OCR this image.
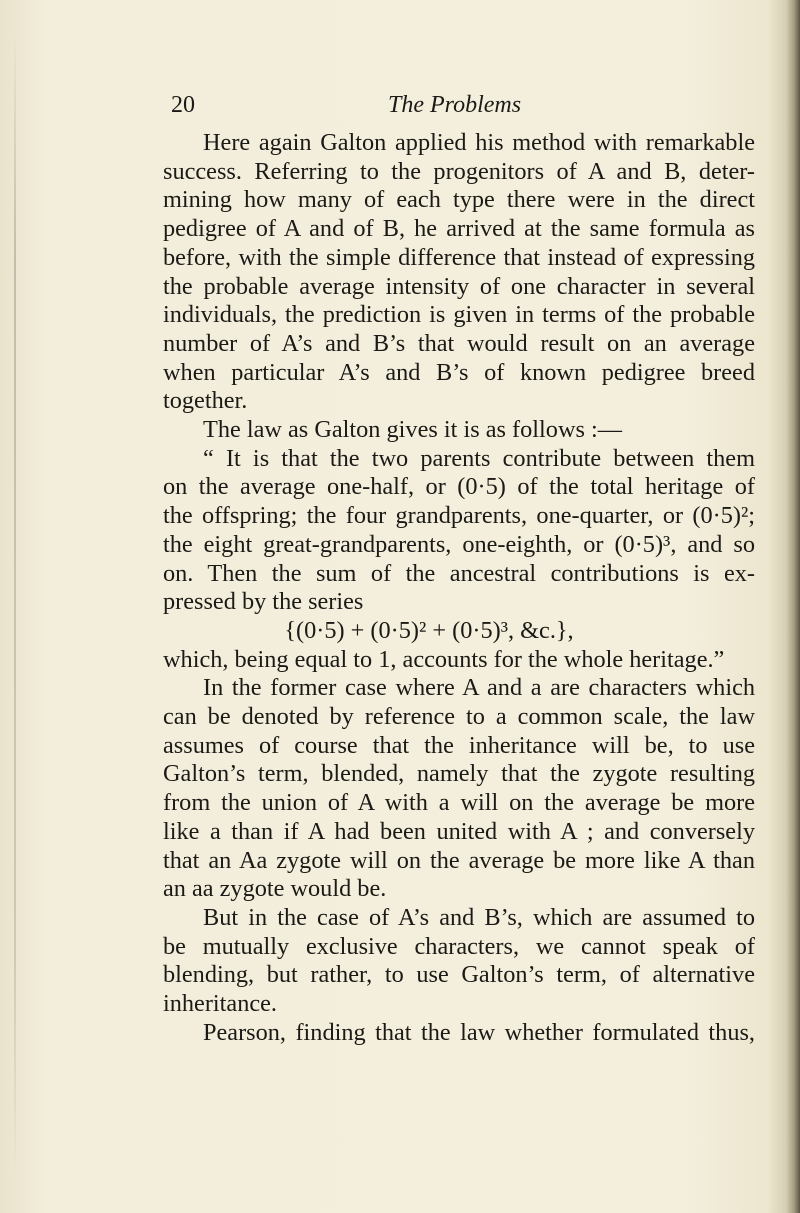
20	The Problems
Here again Galton applied his method with remarkable
success. Referring to the progenitors of A and B, deter-
mining how many of each type there were in the direct
pedigree of A and of B, he arrived at the same formula as
before, with the simple difference that instead of expressing
the probable average intensity of one character in several
individuals, the prediction is given in terms of the probable
number of A’s and B’s that would result on an average
when particular A’s and B’s of known pedigree breed
together.
The law as Galton gives it is as follows :—
“ It is that the two parents contribute between them
on the average one-half, or (0·5) of the total heritage of
the offspring; the four grandparents, one-quarter, or (0·5)²;
the eight great-grandparents, one-eighth, or (0·5)³, and so
on. Then the sum of the ancestral contributions is ex-
pressed by the series
{(0·5) + (0·5)² + (0·5)³, &c.},
which, being equal to 1, accounts for the whole heritage.”
In the former case where A and a are characters which
can be denoted by reference to a common scale, the law
assumes of course that the inheritance will be, to use
Galton’s term, blended, namely that the zygote resulting
from the union of A with a will on the average be more
like a than if A had been united with A ; and conversely
that an Aa zygote will on the average be more like A than
an aa zygote would be.
But in the case of A’s and B’s, which are assumed to
be mutually exclusive characters, we cannot speak of
blending, but rather, to use Galton’s term, of alternative
inheritance.
Pearson, finding that the law whether formulated thus,
